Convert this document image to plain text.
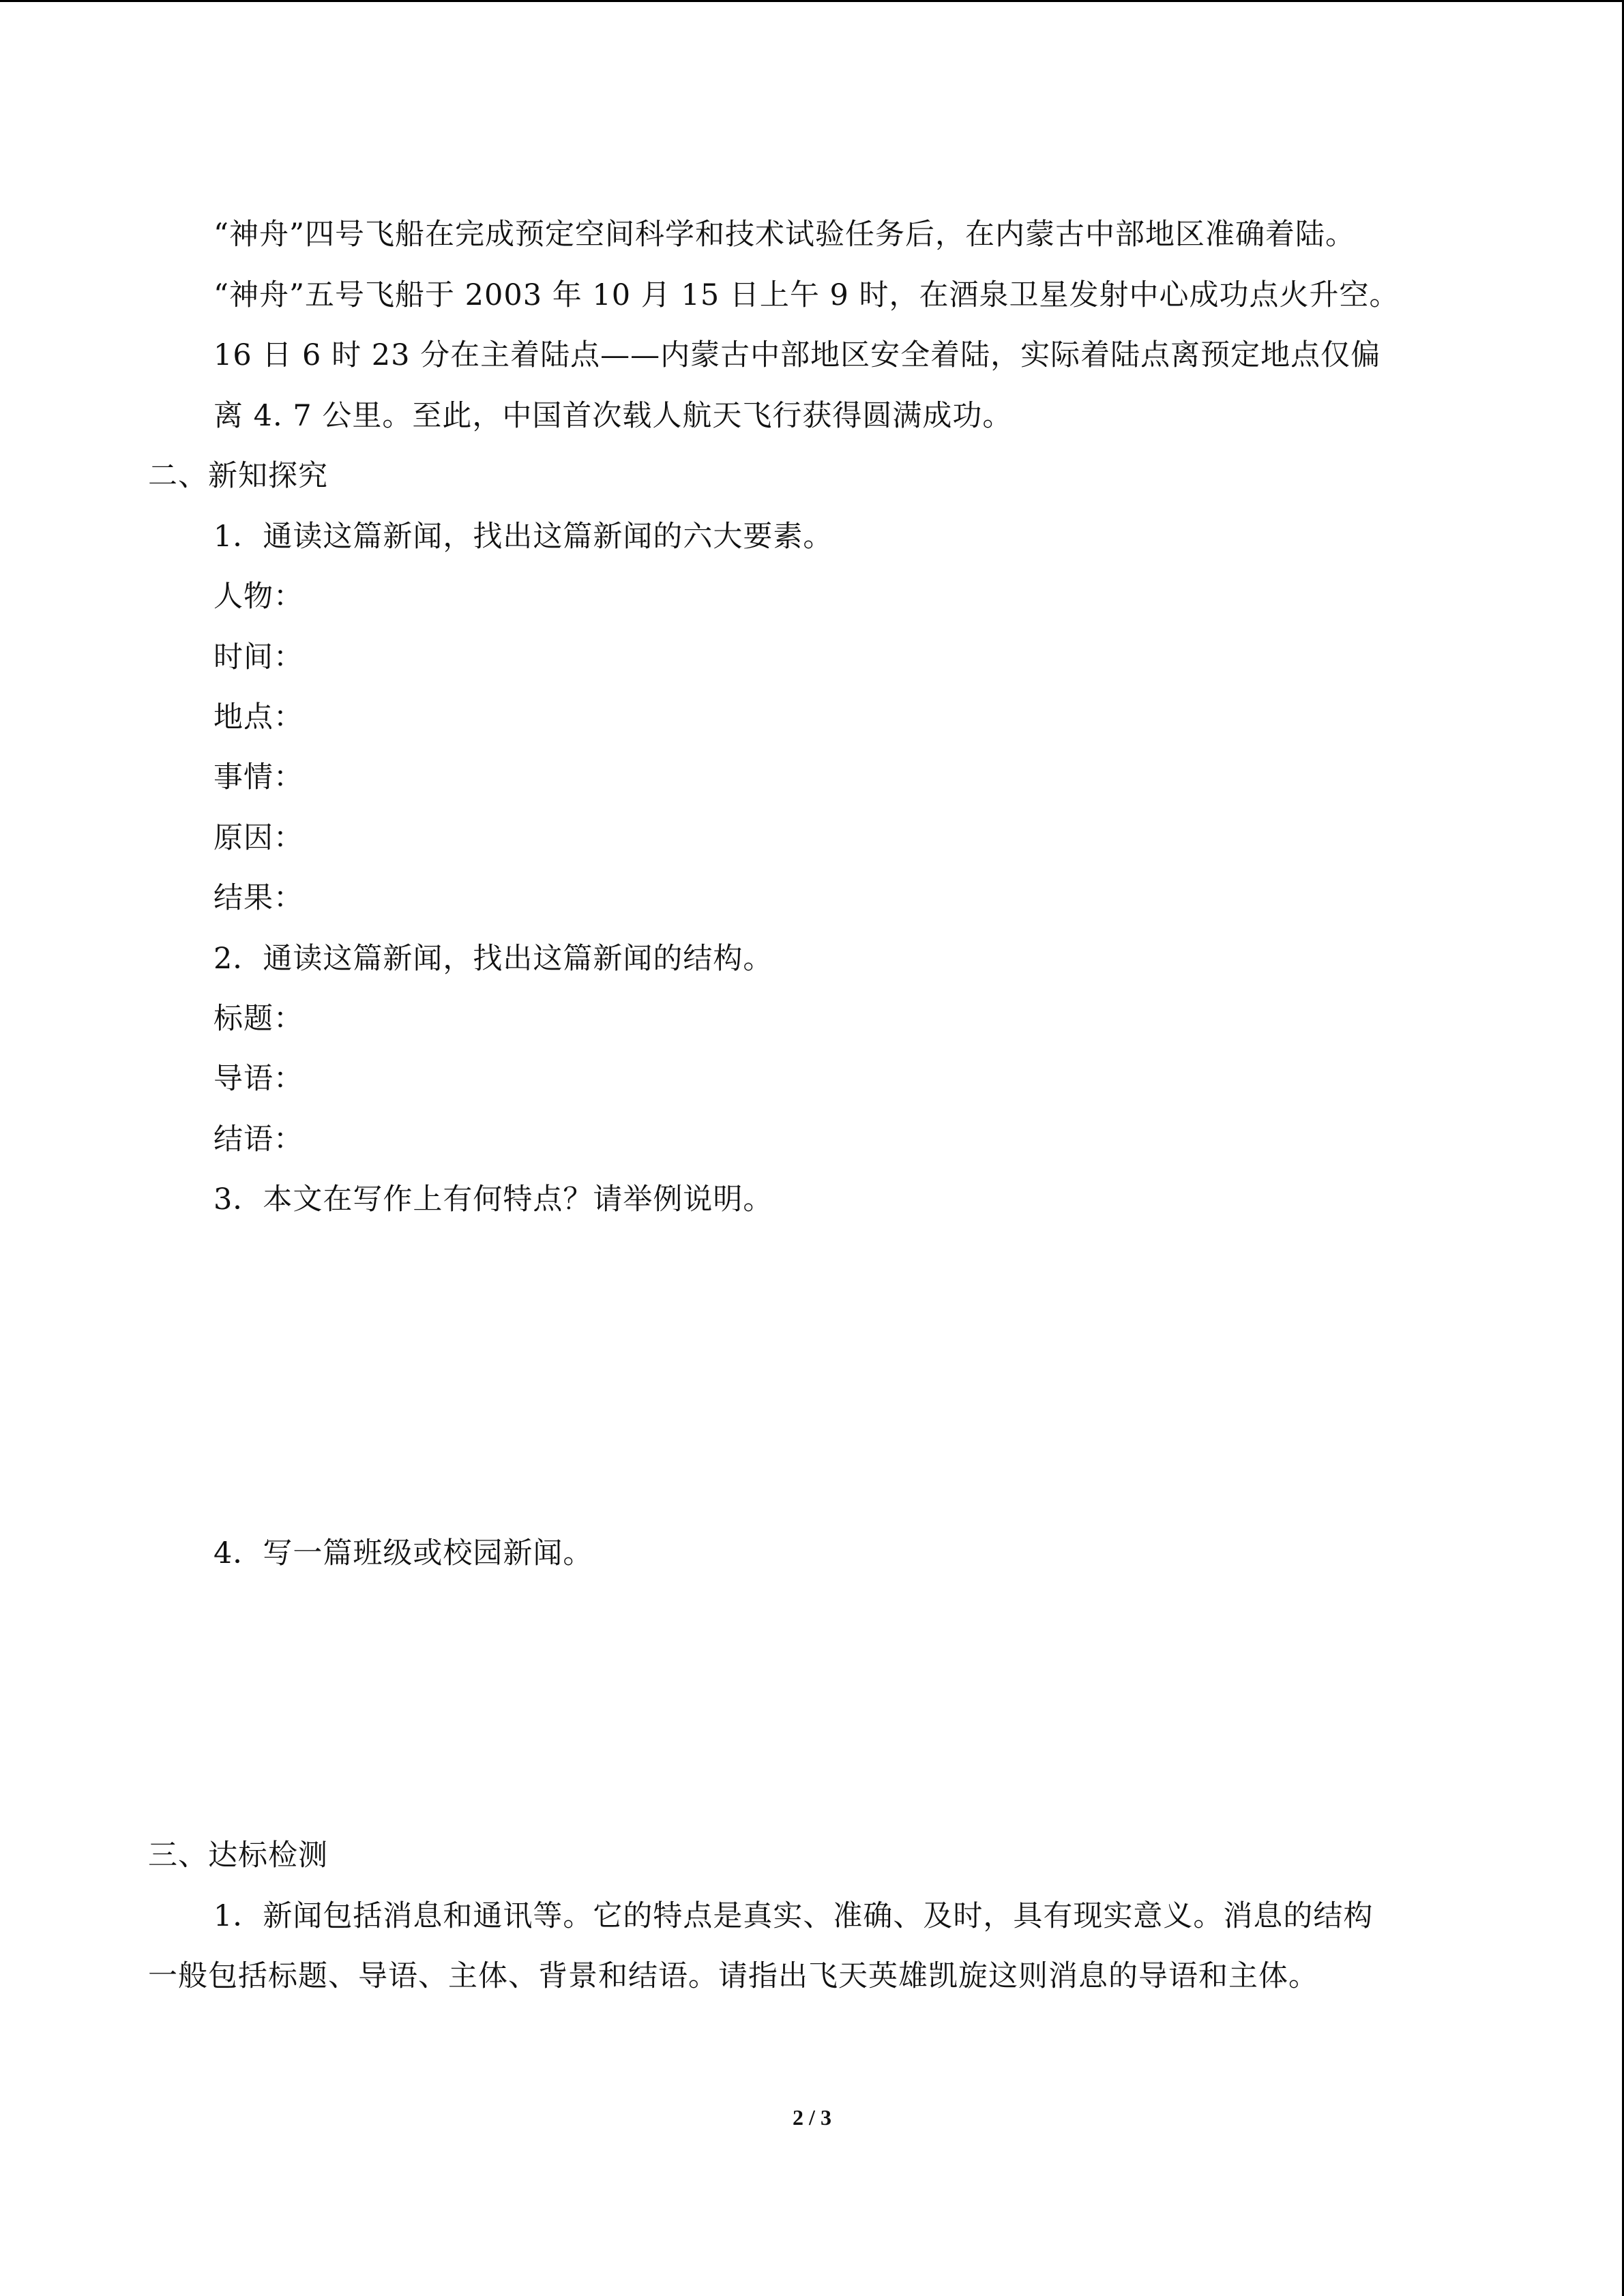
“神舟”四号飞船在完成预定空间科学和技术试验任务后，在内蒙古中部地区准确着陆。
“神舟”五号飞船于 2003 年 10 月 15 日上午 9 时，在酒泉卫星发射中心成功点火升空。
16 日 6 时 23 分在主着陆点——内蒙古中部地区安全着陆，实际着陆点离预定地点仅偏
离 4. 7 公里。至此，中国首次载人航天飞行获得圆满成功。
二、新知探究
1．通读这篇新闻，找出这篇新闻的六大要素。
人物：
时间：
地点：
事情：
原因：
结果：
2．通读这篇新闻，找出这篇新闻的结构。
标题：
导语：
结语：
3．本文在写作上有何特点？请举例说明。
4．写一篇班级或校园新闻。
三、达标检测
1．新闻包括消息和通讯等。它的特点是真实、准确、及时，具有现实意义。消息的结构
一般包括标题、导语、主体、背景和结语。请指出飞天英雄凯旋这则消息的导语和主体。
2 / 3
